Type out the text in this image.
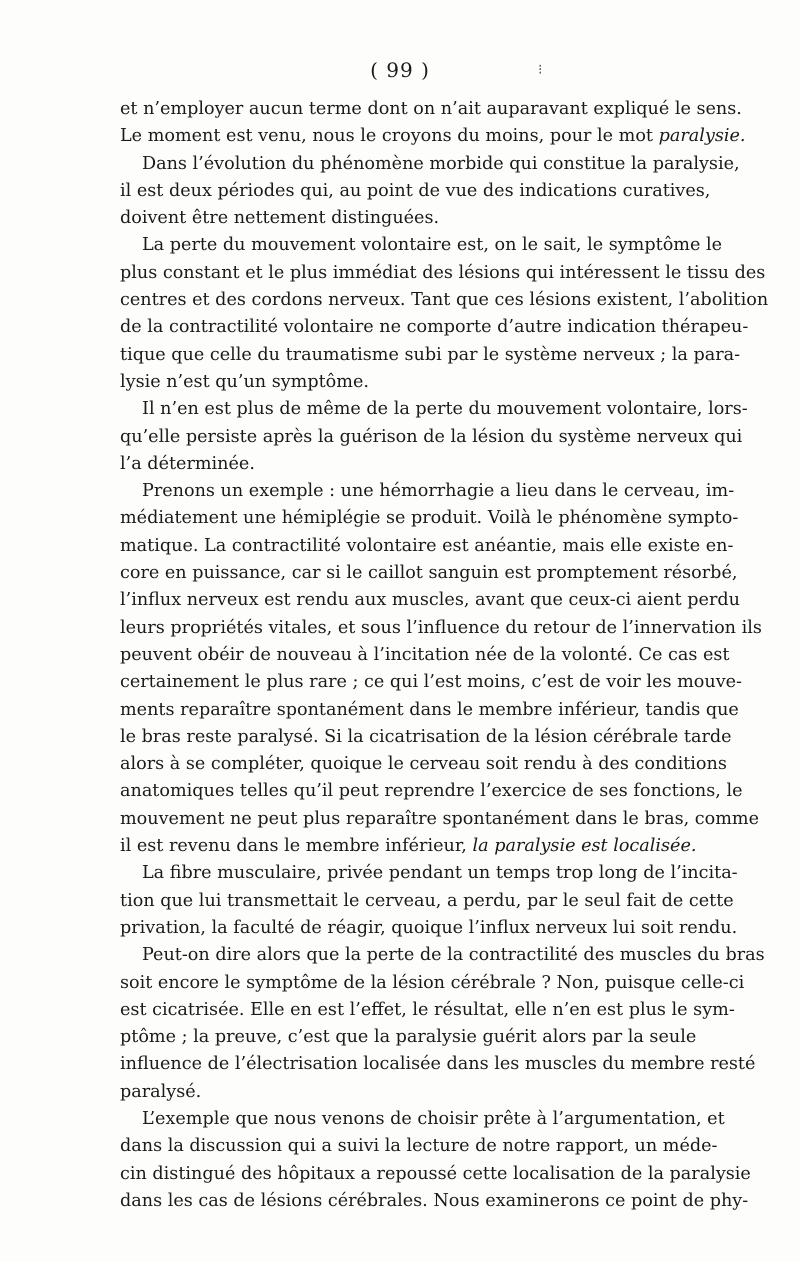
( 99 )	⁝
et n’employer aucun terme dont on n’ait auparavant expliqué le sens.
Le moment est venu, nous le croyons du moins, pour le mot paralysie.
Dans l’évolution du phénomène morbide qui constitue la paralysie,
il est deux périodes qui, au point de vue des indications curatives,
doivent être nettement distinguées.
La perte du mouvement volontaire est, on le sait, le symptôme le
plus constant et le plus immédiat des lésions qui intéressent le tissu des
centres et des cordons nerveux. Tant que ces lésions existent, l’abolition
de la contractilité volontaire ne comporte d’autre indication thérapeu-
tique que celle du traumatisme subi par le système nerveux ; la para-
lysie n’est qu’un symptôme.
Il n’en est plus de même de la perte du mouvement volontaire, lors-
qu’elle persiste après la guérison de la lésion du système nerveux qui
l’a déterminée.
Prenons un exemple : une hémorrhagie a lieu dans le cerveau, im-
médiatement une hémiplégie se produit. Voilà le phénomène sympto-
matique. La contractilité volontaire est anéantie, mais elle existe en-
core en puissance, car si le caillot sanguin est promptement résorbé,
l’influx nerveux est rendu aux muscles, avant que ceux-ci aient perdu
leurs propriétés vitales, et sous l’influence du retour de l’innervation ils
peuvent obéir de nouveau à l’incitation née de la volonté. Ce cas est
certainement le plus rare ; ce qui l’est moins, c’est de voir les mouve-
ments reparaître spontanément dans le membre inférieur, tandis que
le bras reste paralysé. Si la cicatrisation de la lésion cérébrale tarde
alors à se compléter, quoique le cerveau soit rendu à des conditions
anatomiques telles qu’il peut reprendre l’exercice de ses fonctions, le
mouvement ne peut plus reparaître spontanément dans le bras, comme
il est revenu dans le membre inférieur, la paralysie est localisée.
La fibre musculaire, privée pendant un temps trop long de l’incita-
tion que lui transmettait le cerveau, a perdu, par le seul fait de cette
privation, la faculté de réagir, quoique l’influx nerveux lui soit rendu.
Peut-on dire alors que la perte de la contractilité des muscles du bras
soit encore le symptôme de la lésion cérébrale ? Non, puisque celle-ci
est cicatrisée. Elle en est l’effet, le résultat, elle n’en est plus le sym-
ptôme ; la preuve, c’est que la paralysie guérit alors par la seule
influence de l’électrisation localisée dans les muscles du membre resté
paralysé.
L’exemple que nous venons de choisir prête à l’argumentation, et
dans la discussion qui a suivi la lecture de notre rapport, un méde-
cin distingué des hôpitaux a repoussé cette localisation de la paralysie
dans les cas de lésions cérébrales. Nous examinerons ce point de phy-
